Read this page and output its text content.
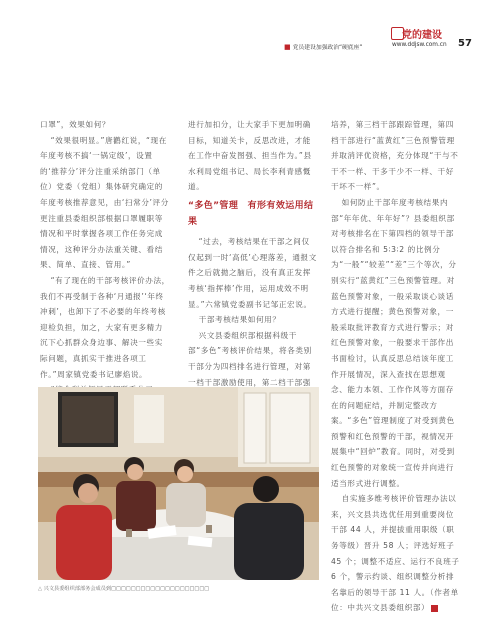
党的建设
■ 党员建设加强政治“硬底座”	www.ddjsw.com.cn 57

口罩”，效果如何？

“效果很明显。”唐鹳红说，“现在年度考核不搞‘一锅定级’，设置的‘推荐分’评分注重采纳部门（单位）党委（党组）集体研究确定的年度考核推荐意见，由‘扫常分’评分更注重县委组织部根据口罩履职等情况和平时掌握各项工作任务完成情况，这种评分办法重关键、看结果、简单、直接、管用。”

“有了现在的干部考核评价办法，我们不再受制于各种‘月通报’‘年终冲刺’，也卸下了不必要的年终考核迎检负担，加之，大家有更多精力沉下心抓群众身边事、解决一些实际问题，真抓实干推进各项工作。”周家镇党委书记廖焰说。

进行加扣分，让大家手下更加明确目标，知道关卡，反思改进，才能在工作中奋发图强、担当作为。”县水利局党组书记、局长李利青感慨道。

“多色”管理　有形有效运用结果

“过去，考核结果在干部之间仅仅起到一时‘高低’心理落差，通报文件之后就拋之脑后，没有真正发挥考核‘指挥棒’作用，运用成效不明显。”六常镇党委副书记邹正宏说。

干部考核结果如何用？

兴文县委组织部根据科级干部“多色”考核评价结果，将各类别干部分为四档排名进行管理，对第一档干部激励使用，第二档干部强

培养，第三档干部跟踪管理，第四档干部进行“蓝黄红”三色预警管理并取消评优资格，充分体现“干与不干不一样、干多干少不一样、干好干坏不一样”。

如何防止干部年度考核结果内部“年年优、年年好”？县委组织部对考核排名在下第四档的领导干部以符合排名和 5∶3∶2 的比例分为“一般”“较差”“差”三个等次，分别实行“蓝黄红”三色预警管理。对蓝色预警对象，一般采取谈心谈话方式进行提醒；黄色预警对象，一般采取批评教育方式进行警示；对红色预警对象，一般要求干部作出书面检讨，认真反思总结该年度工作开展情况，深入查找在思想观念、能力本领、工作作风等方面存在的问题症结，并制定整改方案。“多色”管理制度了对受到黄色预警和红色预警的干部，视情况开展集中“回炉”教育。同时，对受到红色预警的对象统一宣传并向进行适当形式进行调整。

自实施多维考核评价管理办法以来，兴文县共选优任用到重要岗位干部 44 人，并提拔重用职级（职务等级）晋升 58 人；评选好班子 45 个；调整不适应、运行不良班子 6 个，警示约谈、组织调整分析排名靠后的领导干部 11 人。（作者单位：中共兴文县委组织部）

△ 兴文县委组织部部务会成员到□□□□□□□□□□□□□□□□□□□□
